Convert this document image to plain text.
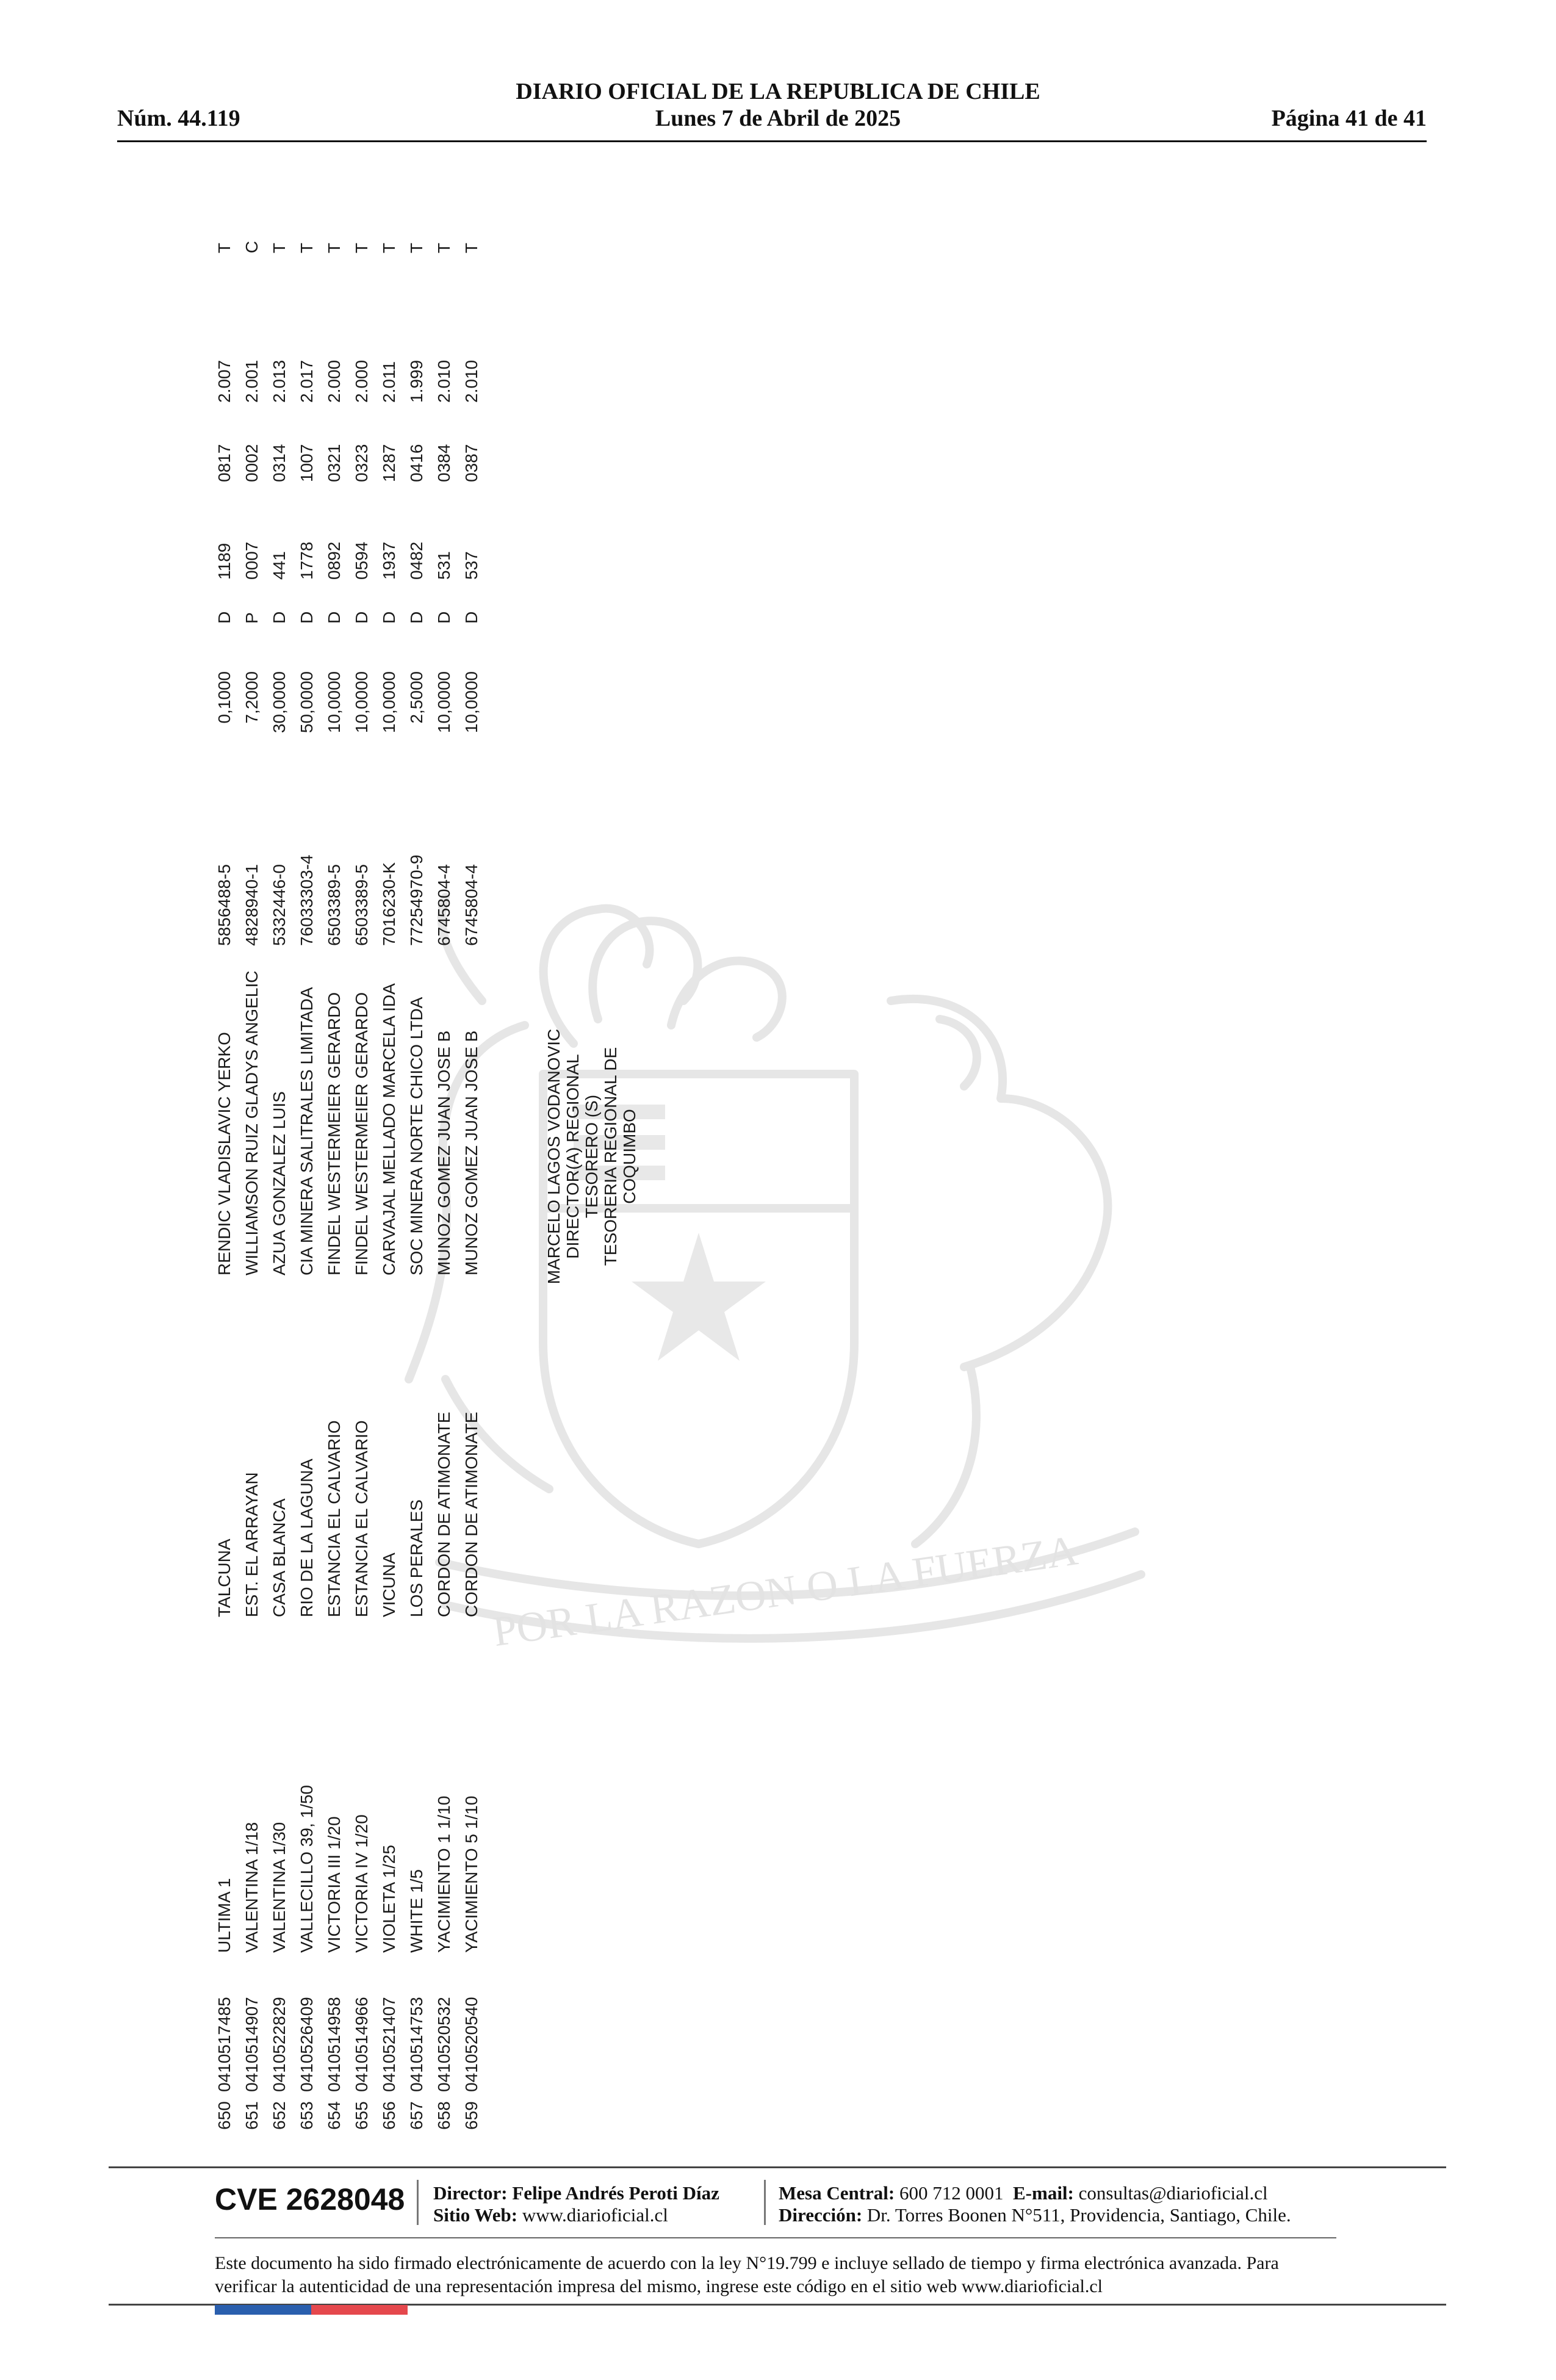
Núm. 44.119
DIARIO OFICIAL DE LA REPUBLICA DE CHILE
Lunes 7 de Abril de 2025	Página 41 de 41
POR LA RAZON O LA FUERZA
650
0410517485
ULTIMA 1
TALCUNA
RENDIC VLADISLAVIC YERKO
5856488-5
0,1000
D
1189
0817
2.007
T
651
0410514907
VALENTINA 1/18
EST. EL ARRAYAN
WILLIAMSON RUIZ GLADYS ANGELIC
4828940-1
7,2000
P
0007
0002
2.001
C
652
0410522829
VALENTINA 1/30
CASA BLANCA
AZUA GONZALEZ LUIS
5332446-0
30,0000
D
441
0314
2.013
T
653
0410526409
VALLECILLO 39, 1/50
RIO DE LA LAGUNA
CIA MINERA SALITRALES LIMITADA
76033303-4
50,0000
D
1778
1007
2.017
T
654
0410514958
VICTORIA III 1/20
ESTANCIA EL CALVARIO
FINDEL WESTERMEIER GERARDO
6503389-5
10,0000
D
0892
0321
2.000
T
655
0410514966
VICTORIA IV 1/20
ESTANCIA EL CALVARIO
FINDEL WESTERMEIER GERARDO
6503389-5
10,0000
D
0594
0323
2.000
T
656
0410521407
VIOLETA 1/25
VICUNA
CARVAJAL MELLADO MARCELA IDA
7016230-K
10,0000
D
1937
1287
2.011
T
657
0410514753
WHITE 1/5
LOS PERALES
SOC MINERA NORTE CHICO LTDA
77254970-9
2,5000
D
0482
0416
1.999
T
658
0410520532
YACIMIENTO 1 1/10
CORDON DE ATIMONATE
MUNOZ GOMEZ JUAN JOSE B
6745804-4
10,0000
D
531
0384
2.010
T
659
0410520540
YACIMIENTO 5 1/10
CORDON DE ATIMONATE
MUNOZ GOMEZ JUAN JOSE B
6745804-4
10,0000
D
537
0387
2.010
T
MARCELO LAGOS VODANOVIC DIRECTOR(A) REGIONAL TESORERO (S) TESORERIA REGIONAL DE COQUIMBO
CVE 2628048 Director: Felipe Andrés Peroti Díaz
Sitio Web: www.diarioficial.cl
Mesa Central: 600 712 0001 E-mail: consultas@diarioficial.cl
Dirección: Dr. Torres Boonen N°511, Providencia, Santiago, Chile.
Este documento ha sido firmado electrónicamente de acuerdo con la ley N°19.799 e incluye sellado de tiempo y firma electrónica avanzada. Para verificar la autenticidad de una representación impresa del mismo, ingrese este código en el sitio web www.diarioficial.cl
